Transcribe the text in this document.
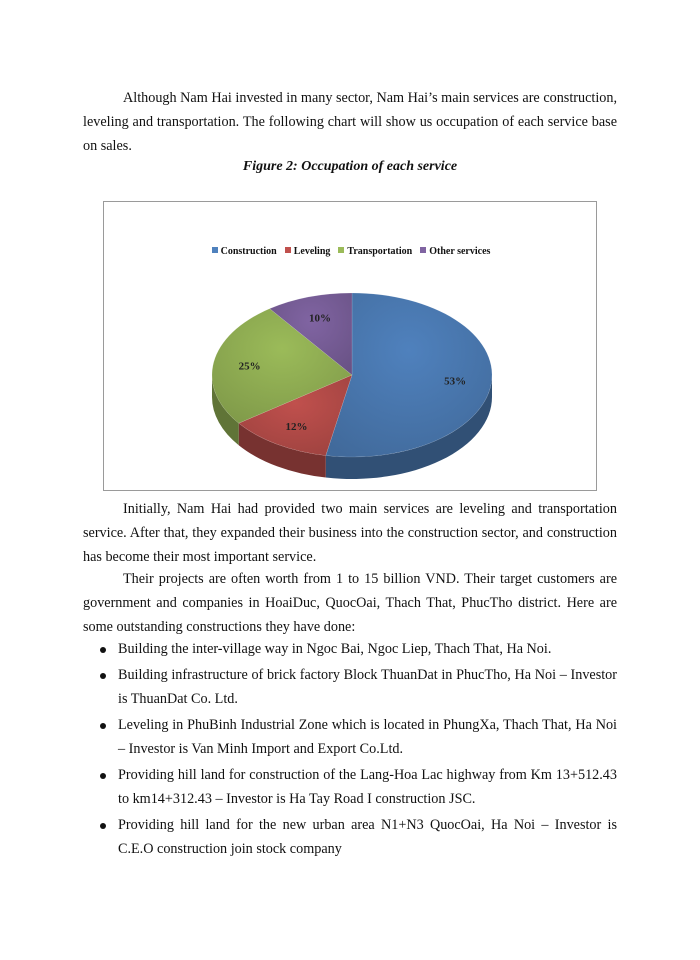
Although Nam Hai invested in many sector, Nam Hai’s main services are construction, leveling and transportation. The following chart will show us occupation of each service base on sales.

Figure 2: Occupation of each service
Construction Leveling Transportation Other services
53%
12%
25%
10%

Initially, Nam Hai had provided two main services are leveling and transportation service. After that, they expanded their business into the construction sector, and construction has become their most important service.

Their projects are often worth from 1 to 15 billion VND. Their target customers are government and companies in HoaiDuc, QuocOai, Thach That, PhucTho district. Here are some outstanding constructions they have done:

Building the inter-village way in Ngoc Bai, Ngoc Liep, Thach That, Ha Noi.
Building infrastructure of brick factory Block ThuanDat in PhucTho, Ha Noi – Investor is ThuanDat Co. Ltd.
Leveling in PhuBinh Industrial Zone which is located in PhungXa, Thach That, Ha Noi – Investor is Van Minh Import and Export Co.Ltd.
Providing hill land for construction of the Lang-Hoa Lac highway from Km 13+512.43 to km14+312.43 – Investor is Ha Tay Road I construction JSC.
Providing hill land for the new urban area N1+N3 QuocOai, Ha Noi – Investor is C.E.O construction join stock company
